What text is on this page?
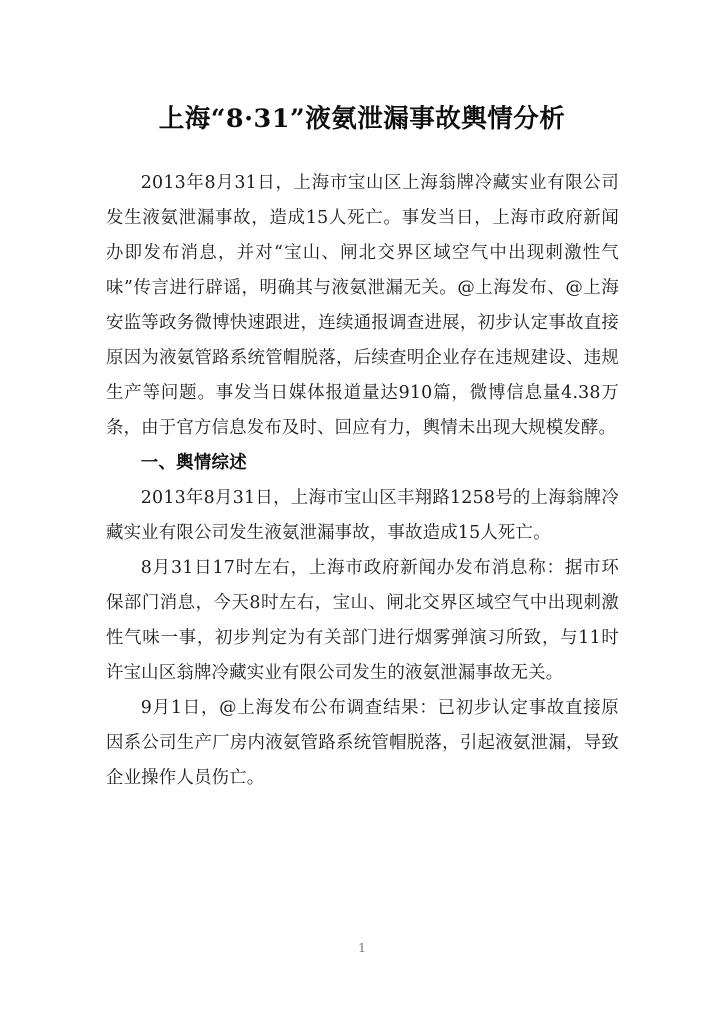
上海“8·31”液氨泄漏事故輿情分析

2013年8月31日，上海市宝山区上海翁牌冷藏实业有限公司发生液氨泄漏事故，造成15人死亡。事发当日，上海市政府新闻办即发布消息，并对“宝山、闸北交界区域空气中出现刺激性气味”传言进行辟谣，明确其与液氨泄漏无关。@上海发布、@上海安监等政务微博快速跟进，连续通报调查进展，初步认定事故直接原因为液氨管路系统管帽脱落，后续查明企业存在违规建设、违规生产等问题。事发当日媒体报道量达910篇，微博信息量4.38万条，由于官方信息发布及时、回应有力，輿情未出现大规模发酵。

一、輿情综述

2013年8月31日，上海市宝山区丰翔路1258号的上海翁牌冷藏实业有限公司发生液氨泄漏事故，事故造成15人死亡。

8月31日17时左右，上海市政府新闻办发布消息称：据市环保部门消息，今天8时左右，宝山、闸北交界区域空气中出现刺激性气味一事，初步判定为有关部门进行烟雾弹演习所致，与11时许宝山区翁牌冷藏实业有限公司发生的液氨泄漏事故无关。

9月1日，@上海发布公布调查结果：已初步认定事故直接原因系公司生产厂房内液氨管路系统管帽脱落，引起液氨泄漏，导致企业操作人员伤亡。

1
